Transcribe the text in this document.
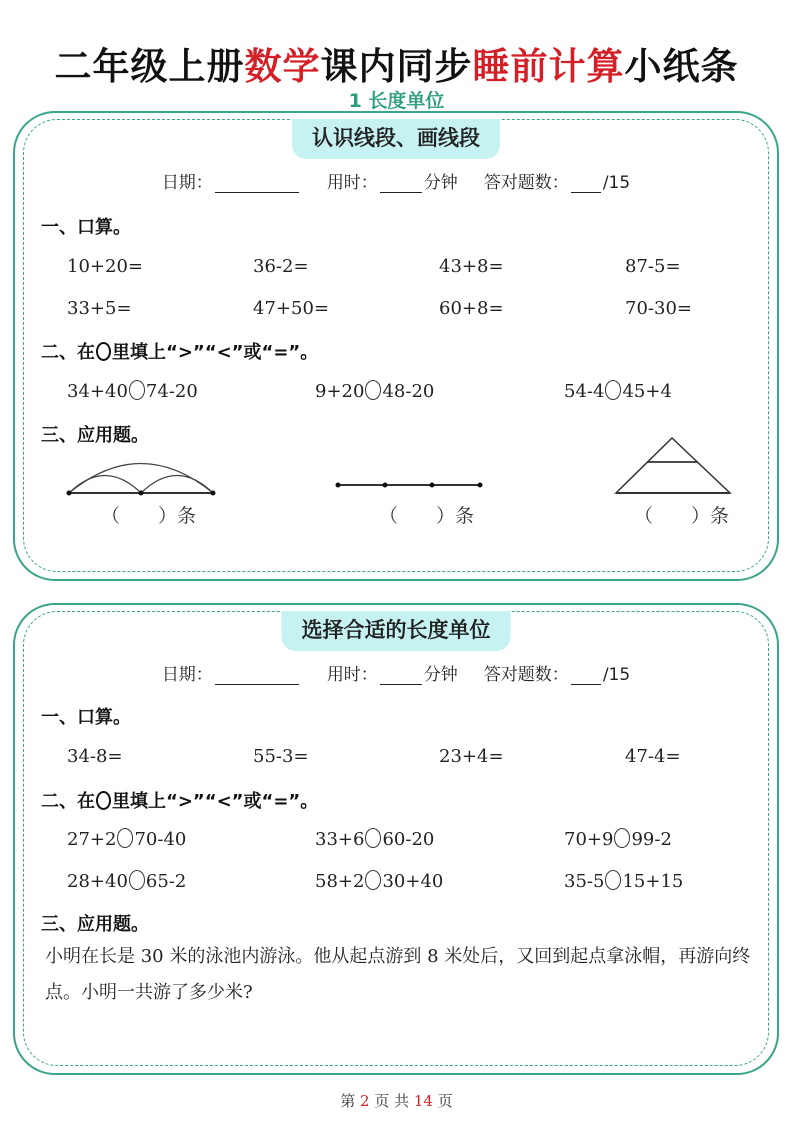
二年级上册数学课内同步睡前计算小纸条
1 长度单位
认识线段、画线段
日期：	用时：	分钟 答对题数： /15
一、口算。
10+20=	36-2=	43+8=	87-5=
33+5=	47+50=	60+8=	70-30=
二、在 里填上“>”“<”或“=”。
34+40 74-20	9+20 48-20	54-4 45+4
三、应用题。
（　　）条	（　　）条	（　　）条
选择合适的长度单位
日期：	用时：	分钟 答对题数： /15
一、口算。
34-8=	55-3=	23+4=	47-4=
二、在 里填上“>”“<”或“=”。
27+2 70-40	33+6 60-20	70+9 99-2
28+40 65-2	58+2 30+40	35-5 15+15
三、应用题。
小明在长是 30 米的泳池内游泳。他从起点游到 8 米处后，又回到起点拿泳帽，再游向终点。小明一共游了多少米?
第 2 页 共 14 页
